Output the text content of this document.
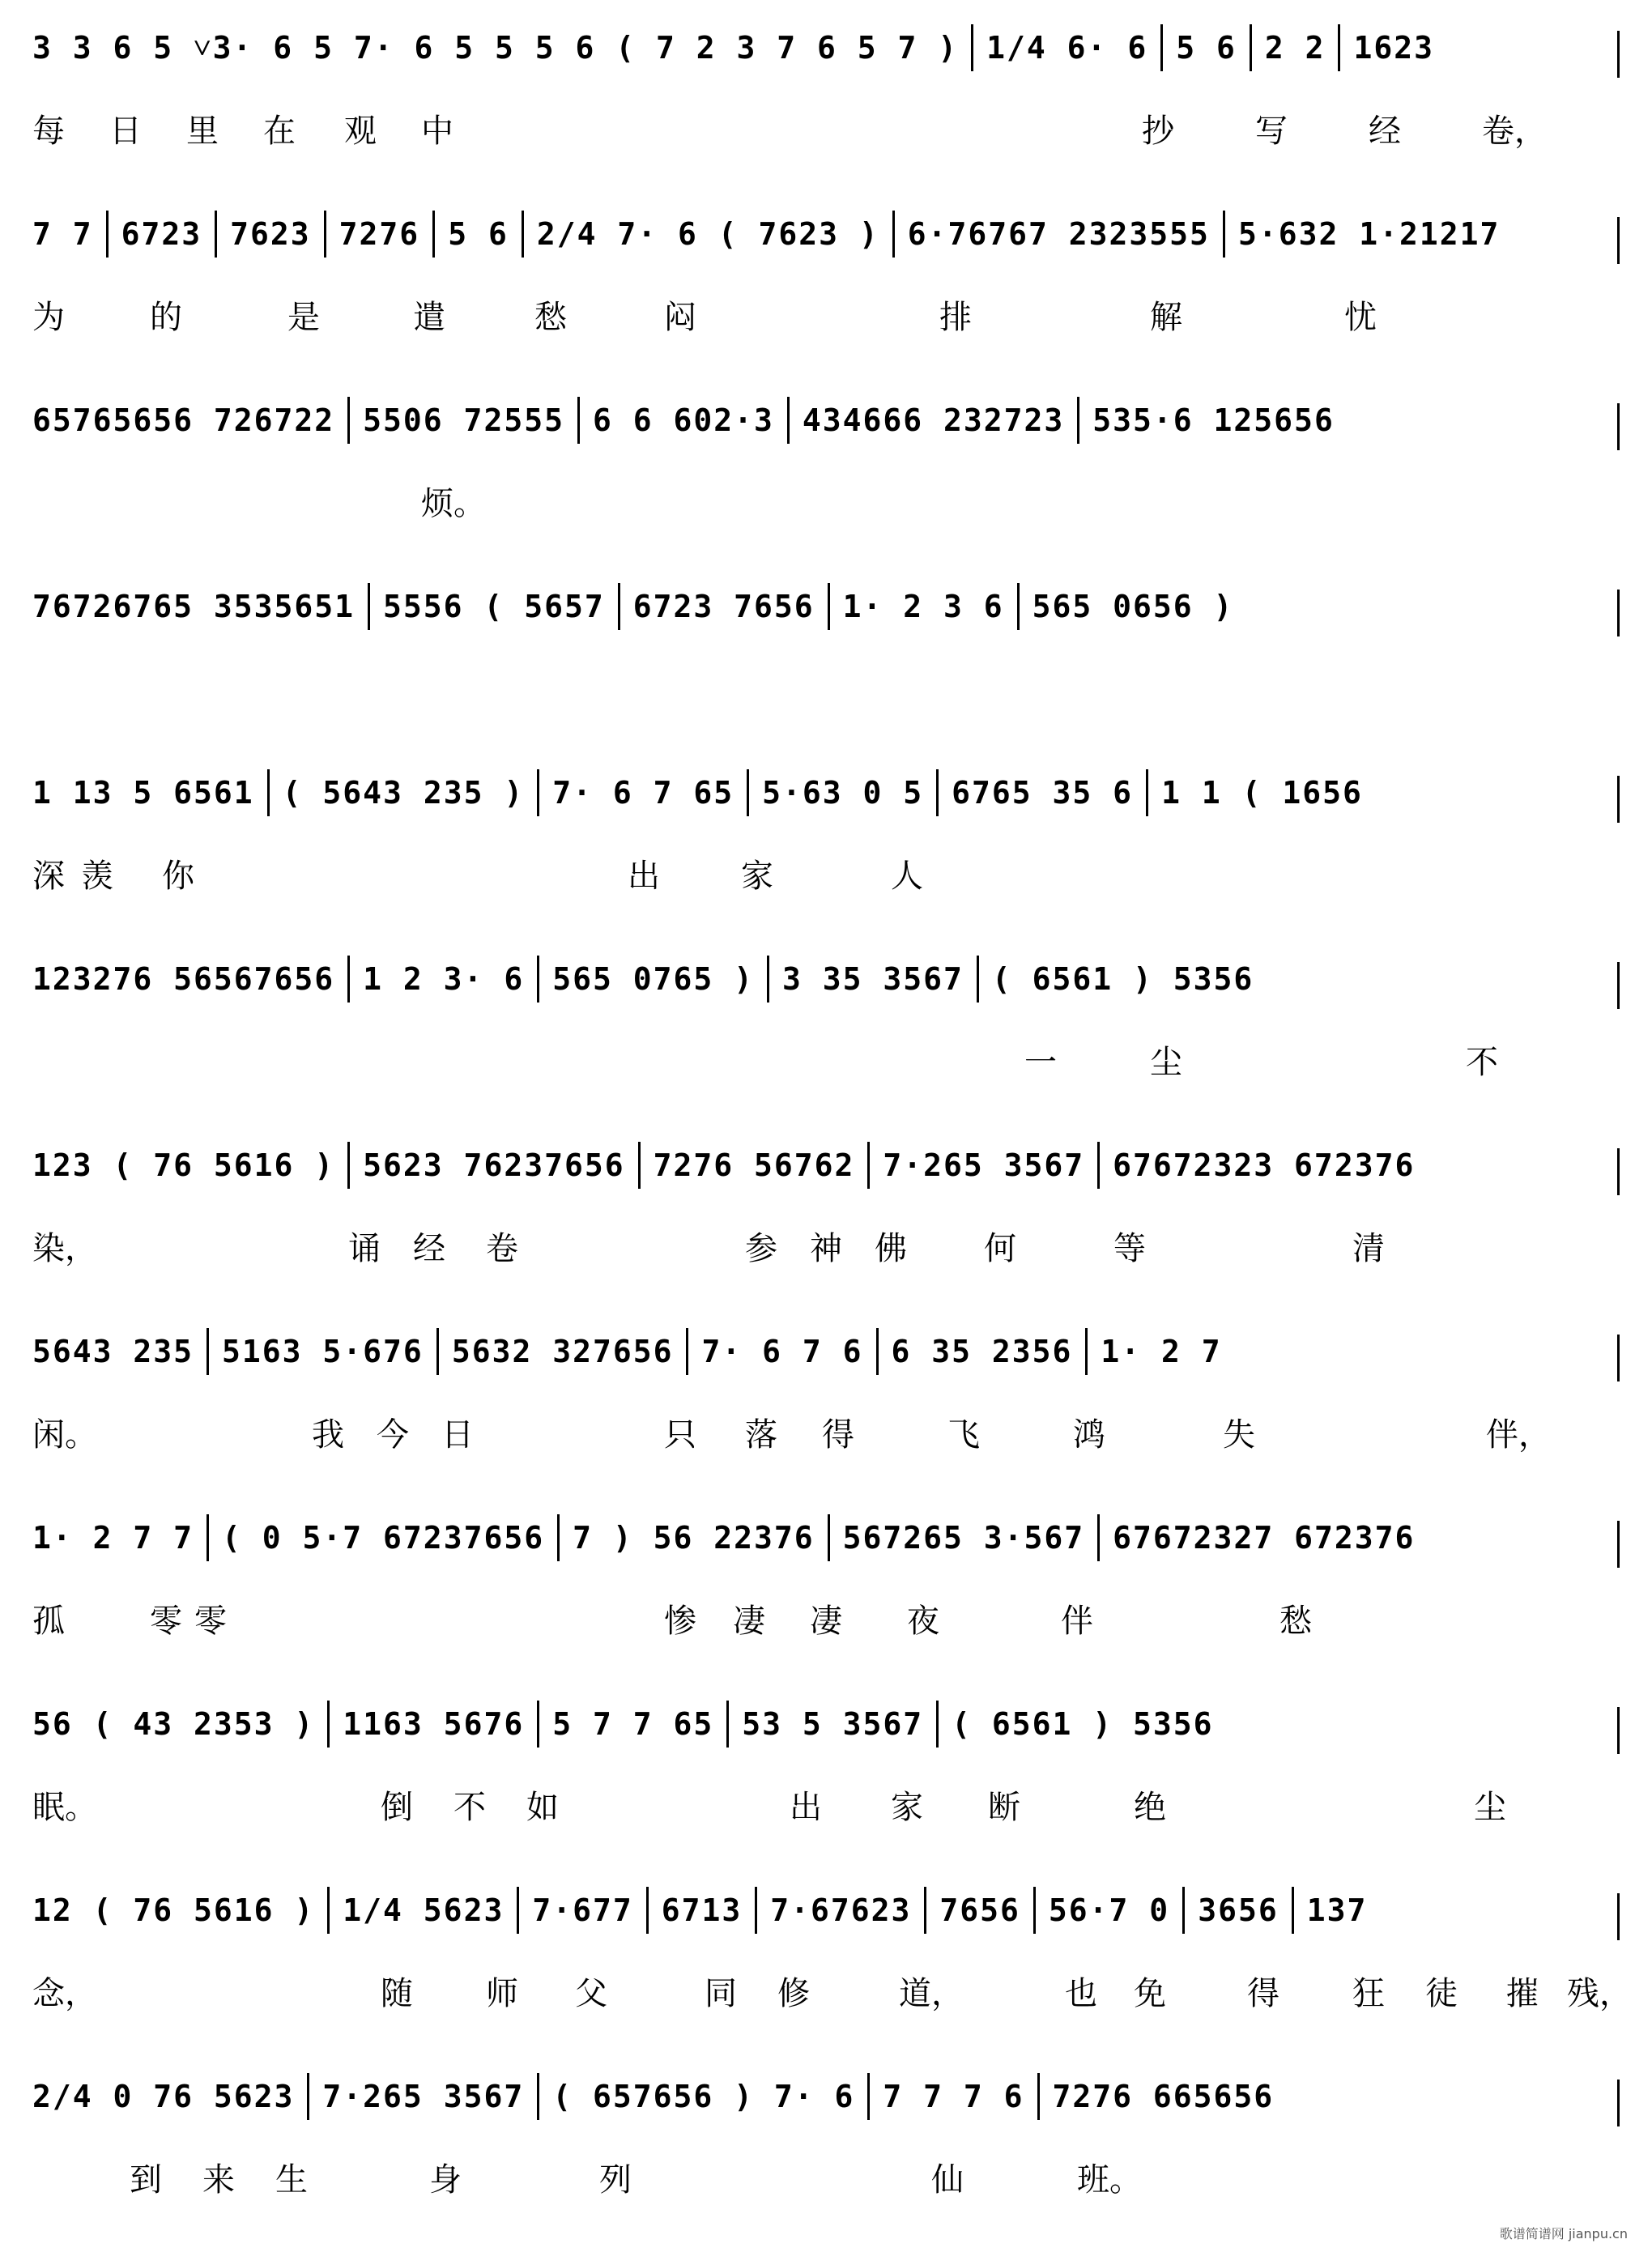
3 3 6 5 ˅3· 6 5 7· 6 5 5 5 6 ( 7 2 3 7 6 5 7 ) 1/4 6· 6 5 6 2 2 1623
每 日 里 在 观 中	抄	写	经	卷，
7 7 6723 7623 7276 5 6 2/4 7· 6 ( 7623 ) 6·76767 2323555 5·632 1·21217
为	的	是	遣	愁	闷	排	解	忧
65765656 726722 5506 72555 6 6 602·3 434666 232723 535·6 125656
烦。
76726765 3535651 5556 ( 5657 6723 7656 1· 2 3 6 565 0656 )
1 13 5 6561 ( 5643 235 ) 7· 6 7 65 5·63 0 5 6765 35 6 1 1 ( 1656
深 羡 你	出	家	人
123276 56567656 1 2 3· 6 565 0765 ) 3 35 3567 ( 6561 ) 5356
一	尘	不
123 ( 76 5616 ) 5623 76237656 7276 56762 7·265 3567 67672323 672376
染，	诵 经 卷	参 神 佛 何	等	清
5643 235 5163 5·676 5632 327656 7· 6 7 6 6 35 2356 1· 2 7
闲。	我 今 日	只 落 得	飞	鸿	失	伴，
1· 2 7 7 ( 0 5·7 67237656 7 ) 56 22376 567265 3·567 67672327 672376
孤	零 零	惨 凄 凄 夜	伴	愁
56 ( 43 2353 ) 1163 5676 5 7 7 65 53 5 3567 ( 6561 ) 5356
眠。	倒 不 如	出 家 断	绝	尘
12 ( 76 5616 ) 1/4 5623 7·677 6713 7·67623 7656 56·7 0 3656 137
念，	随 师 父	同 修	道，	也 免	得 狂 徒 摧 残，
2/4 0 76 5623 7·265 3567 ( 657656 ) 7· 6 7 7 7 6 7276 665656
到 来 生	身	列	仙	班。
歌谱简谱网 jianpu.cn
